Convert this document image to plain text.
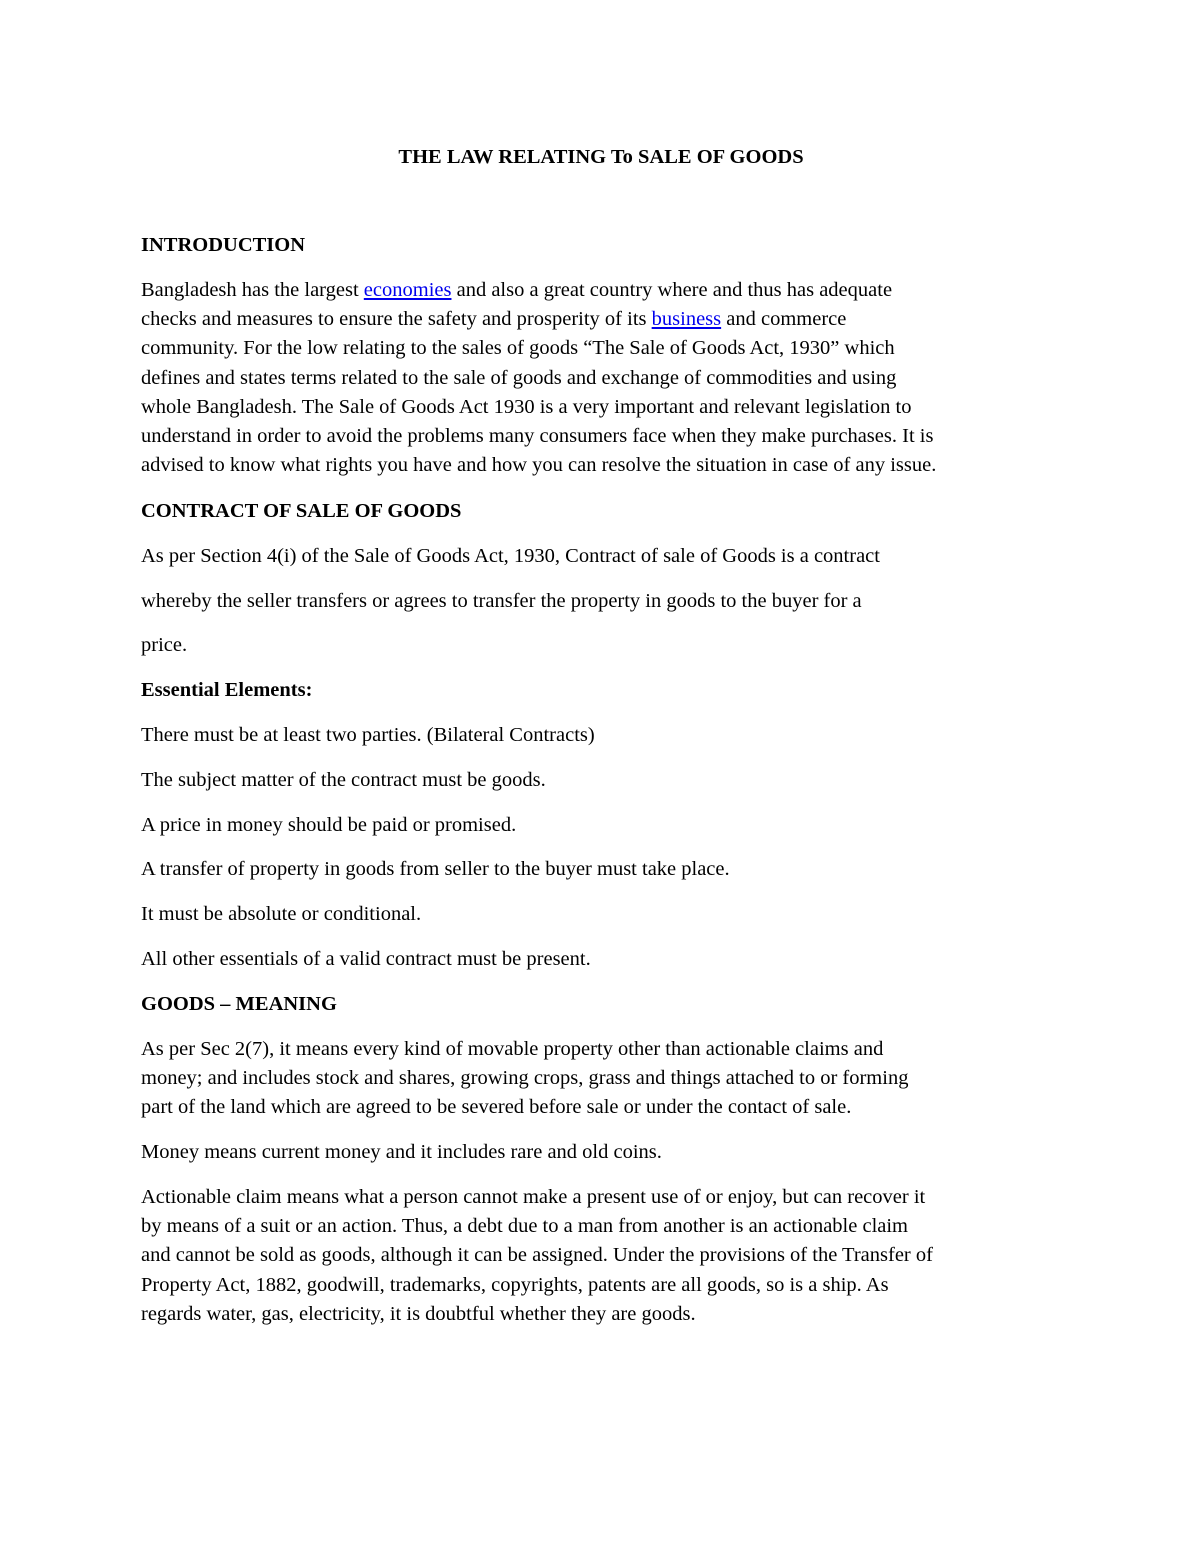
THE LAW RELATING To SALE OF GOODS
INTRODUCTION
Bangladesh has the largest economies and also a great country where and thus has adequate
checks and measures to ensure the safety and prosperity of its business and commerce
community. For the low relating to the sales of goods “The Sale of Goods Act, 1930” which
defines and states terms related to the sale of goods and exchange of commodities and using
whole Bangladesh. The Sale of Goods Act 1930 is a very important and relevant legislation to
understand in order to avoid the problems many consumers face when they make purchases. It is
advised to know what rights you have and how you can resolve the situation in case of any issue.
CONTRACT OF SALE OF GOODS
As per Section 4(i) of the Sale of Goods Act, 1930, Contract of sale of Goods is a contract
whereby the seller transfers or agrees to transfer the property in goods to the buyer for a
price.
Essential Elements:
There must be at least two parties. (Bilateral Contracts)
The subject matter of the contract must be goods.
A price in money should be paid or promised.
A transfer of property in goods from seller to the buyer must take place.
It must be absolute or conditional.
All other essentials of a valid contract must be present.
GOODS – MEANING
As per Sec 2(7), it means every kind of movable property other than actionable claims and
money; and includes stock and shares, growing crops, grass and things attached to or forming
part of the land which are agreed to be severed before sale or under the contact of sale.
Money means current money and it includes rare and old coins.
Actionable claim means what a person cannot make a present use of or enjoy, but can recover it
by means of a suit or an action. Thus, a debt due to a man from another is an actionable claim
and cannot be sold as goods, although it can be assigned. Under the provisions of the Transfer of
Property Act, 1882, goodwill, trademarks, copyrights, patents are all goods, so is a ship. As
regards water, gas, electricity, it is doubtful whether they are goods.
